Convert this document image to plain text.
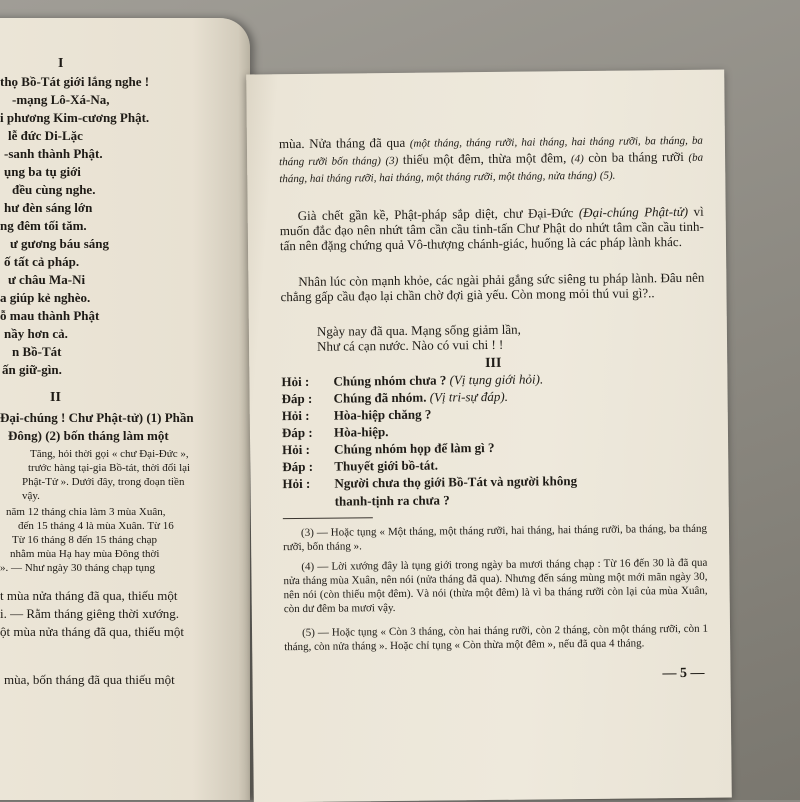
I
thọ Bồ-Tát giới lắng nghe !
-mạng Lô-Xá-Na,
i phương Kim-cương Phật.
lễ đức Di-Lặc
-sanh thành Phật.
ụng ba tụ giới
đều cùng nghe.
hư đèn sáng lớn
ng đêm tối tăm.
ư gương báu sáng
ố tất cả pháp.
ư châu Ma-Ni
a giúp kẻ nghèo.
ỗ mau thành Phật
nầy hơn cả.
n Bồ-Tát
ấn giữ-gìn.
II
Đại-chúng ! Chư Phật-tử) (1) Phần
Đông) (2) bốn tháng làm một
Tăng, hỏi thời gọi « chư Đại-Đức »,
trước hàng tại-gia Bồ-tát, thời đổi lại
Phật-Tử ». Dưới đây, trong đoạn tiền
vậy.
năm 12 tháng chia làm 3 mùa Xuân,
đến 15 tháng 4 là mùa Xuân. Từ 16
Từ 16 tháng 8 đến 15 tháng chạp
nhằm mùa Hạ hay mùa Đông thời
». — Như ngày 30 tháng chạp tụng
t mùa nửa tháng đã qua, thiếu một
i. — Rằm tháng giêng thời xướng.
ột mùa nửa tháng đã qua, thiếu một
mùa, bốn tháng đã qua thiếu một
mùa. Nửa tháng đã qua (một tháng, tháng rưỡi, hai tháng, hai tháng rưỡi, ba tháng, ba tháng rưỡi bốn tháng) (3) thiếu một đêm, thừa một đêm, (4) còn ba tháng rưỡi (ba tháng, hai tháng rưỡi, hai tháng, một tháng rưỡi, một tháng, nửa tháng) (5).
Già chết gần kề, Phật-pháp sắp diệt, chư Đại-Đức (Đại-chúng Phật-tử) vì muốn đắc đạo nên nhứt tâm cần cầu tinh-tấn Chư Phật do nhứt tâm cần cầu tinh-tấn nên đặng chứng quả Vô-thượng chánh-giác, huống là các pháp lành khác.
Nhân lúc còn mạnh khỏe, các ngài phải gắng sức siêng tu pháp lành. Đâu nên chẳng gấp cầu đạo lại chần chờ đợi già yếu. Còn mong mỏi thú vui gì?..
Ngày nay đã qua. Mạng sống giảm lần,
Như cá cạn nước. Nào có vui chi ! !
III
Hỏi :	Chúng nhóm chưa ? (Vị tụng giới hỏi).
Đáp :	Chúng đã nhóm. (Vị tri-sự đáp).
Hỏi :	Hòa-hiệp chăng ?
Đáp :	Hòa-hiệp.
Hỏi :	Chúng nhóm họp để làm gì ?
Đáp :	Thuyết giới bồ-tát.
Hỏi :	Người chưa thọ giới Bồ-Tát và người không
thanh-tịnh ra chưa ?
(3) — Hoặc tụng « Một tháng, một tháng rưỡi, hai tháng, hai tháng rưỡi, ba tháng, ba tháng rưỡi, bốn tháng ».
(4) — Lời xướng đây là tụng giới trong ngày ba mươi tháng chạp : Từ 16 đến 30 là đã qua nửa tháng mùa Xuân, nên nói (nửa tháng đã qua). Nhưng đến sáng mùng một mới mãn ngày 30, nên nói (còn thiếu một đêm). Và nói (thừa một đêm) là vì ba tháng rưỡi còn lại của mùa Xuân, còn dư đêm ba mươi vậy.
(5) — Hoặc tụng « Còn 3 tháng, còn hai tháng rưỡi, còn 2 tháng, còn một tháng rưỡi, còn 1 tháng, còn nửa tháng ». Hoặc chỉ tụng « Còn thừa một đêm », nếu đã qua 4 tháng.
— 5 —
